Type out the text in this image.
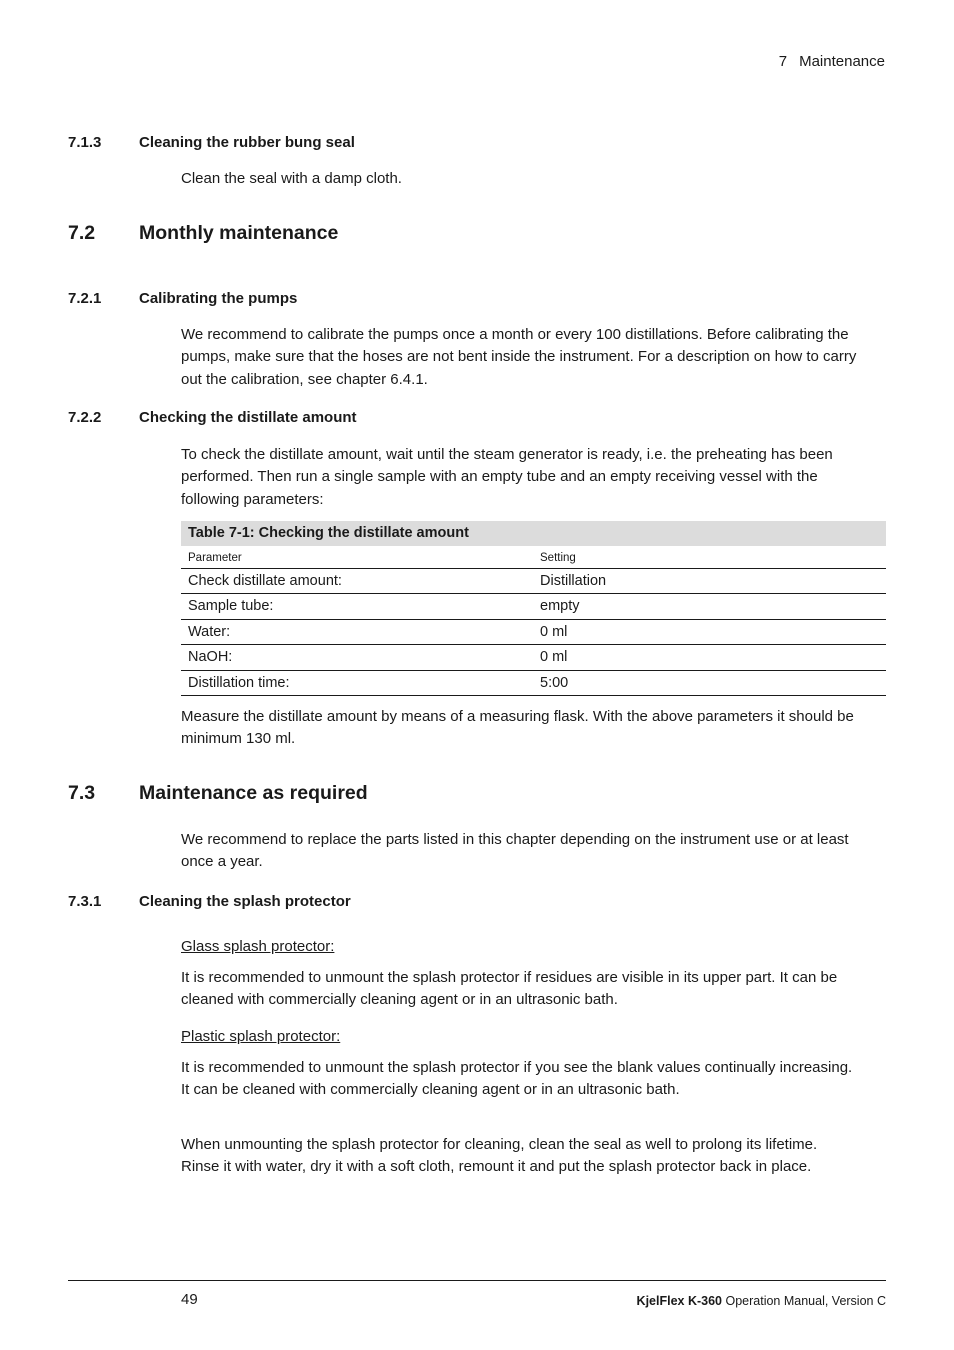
7 Maintenance
7.1.3	Cleaning the rubber bung seal
Clean the seal with a damp cloth.
7.2 Monthly maintenance
7.2.1	Calibrating the pumps
We recommend to calibrate the pumps once a month or every 100 distillations. Before calibrating the
pumps, make sure that the hoses are not bent inside the instrument. For a description on how to carry
out the calibration, see chapter 6.4.1.
7.2.2	Checking the distillate amount
To check the distillate amount, wait until the steam generator is ready, i.e. the preheating has been
performed. Then run a single sample with an empty tube and an empty receiving vessel with the
following parameters:
Table 7-1: Checking the distillate amount
Parameter	Setting
Check distillate amount:	Distillation
Sample tube:	empty
Water:	0 ml
NaOH:	0 ml
Distillation time:	5:00
Measure the distillate amount by means of a measuring flask. With the above parameters it should be
minimum 130 ml.
7.3 Maintenance as required
We recommend to replace the parts listed in this chapter depending on the instrument use or at least
once a year.
7.3.1	Cleaning the splash protector
Glass splash protector:
It is recommended to unmount the splash protector if residues are visible in its upper part. It can be
cleaned with commercially cleaning agent or in an ultrasonic bath.
Plastic splash protector:
It is recommended to unmount the splash protector if you see the blank values continually increasing.
It can be cleaned with commercially cleaning agent or in an ultrasonic bath.
When unmounting the splash protector for cleaning, clean the seal as well to prolong its lifetime.
Rinse it with water, dry it with a soft cloth, remount it and put the splash protector back in place.
49	KjelFlex K-360 Operation Manual, Version C
